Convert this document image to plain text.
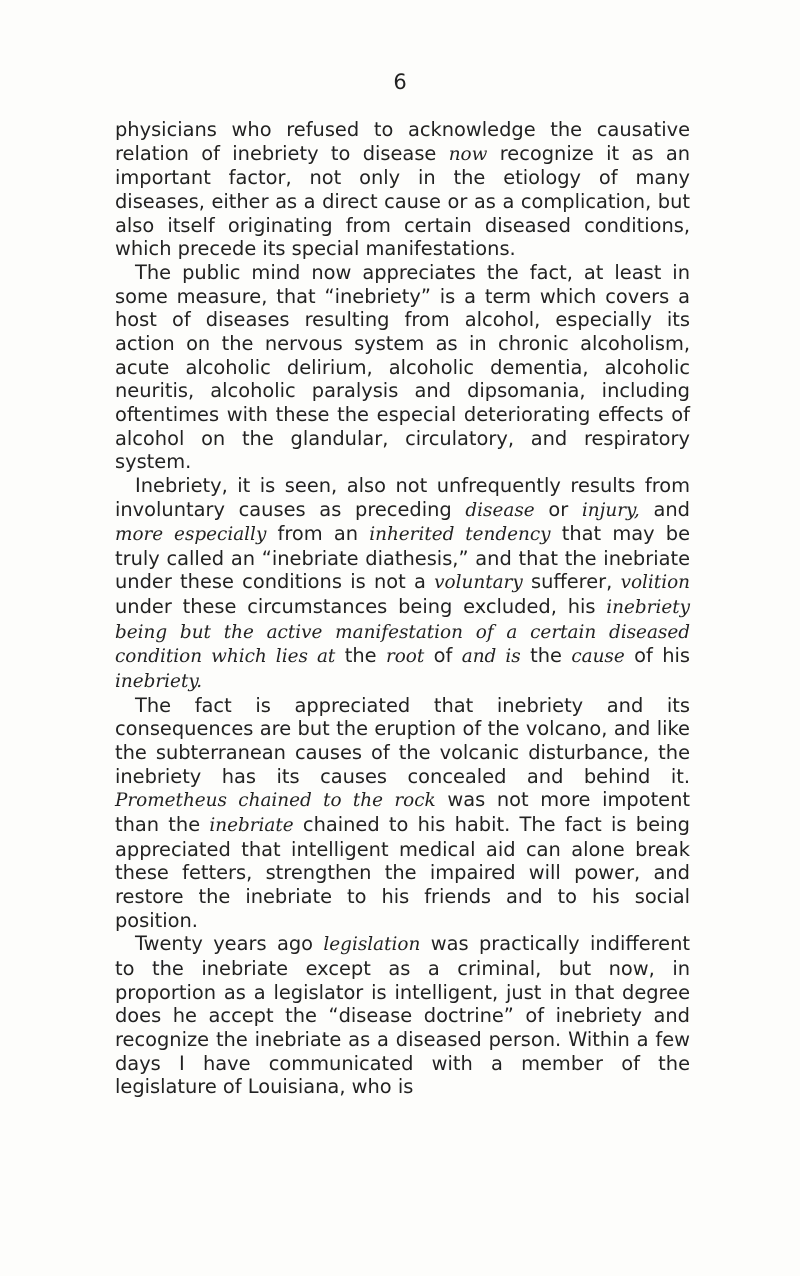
6

physicians who refused to acknowledge the causative relation of inebriety to disease now recognize it as an important factor, not only in the etiology of many diseases, either as a direct cause or as a complication, but also itself originating from certain diseased conditions, which precede its special manifestations.

The public mind now appreciates the fact, at least in some measure, that “inebriety” is a term which covers a host of diseases resulting from alcohol, especially its action on the nervous system as in chronic alcoholism, acute alcoholic delirium, alcoholic dementia, alcoholic neuritis, alcoholic paralysis and dipsomania, including oftentimes with these the especial deteriorating effects of alcohol on the glandular, circulatory, and respiratory system.

Inebriety, it is seen, also not unfrequently results from involuntary causes as preceding disease or injury, and more especially from an inherited tendency that may be truly called an “inebriate diathesis,” and that the inebriate under these conditions is not a voluntary sufferer, volition under these circumstances being excluded, his inebriety being but the active manifestation of a certain diseased condition which lies at the root of and is the cause of his inebriety.

The fact is appreciated that inebriety and its consequences are but the eruption of the volcano, and like the subterranean causes of the volcanic disturbance, the inebriety has its causes concealed and behind it. Prometheus chained to the rock was not more impotent than the inebriate chained to his habit. The fact is being appreciated that intelligent medical aid can alone break these fetters, strengthen the impaired will power, and restore the inebriate to his friends and to his social position.

Twenty years ago legislation was practically indifferent to the inebriate except as a criminal, but now, in proportion as a legislator is intelligent, just in that degree does he accept the “disease doctrine” of inebriety and recognize the inebriate as a diseased person. Within a few days I have communicated with a member of the legislature of Louisiana, who is
